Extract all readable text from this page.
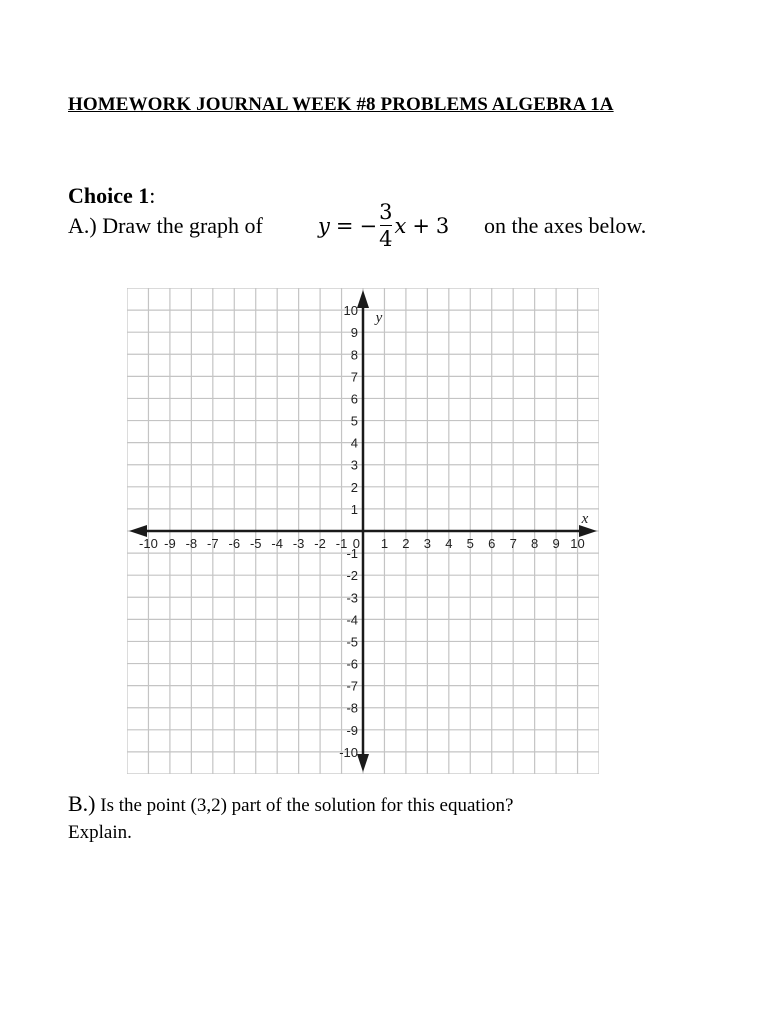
HOMEWORK JOURNAL WEEK #8 PROBLEMS ALGEBRA 1A
Choice 1:
A.) Draw the graph of	y = − $\frac{3}{4}$ x + 3 on the axes below.
-10 -9 -8 -7 -6 -5 -4 -3 -2 -1	1 2 3 4 5 6 7 8 9 10
0
10
9
8
7
6
5
4
3
2
1
-1
-2
-3
-4
-5
-6
-7
-8
-9
-10
x
y
B.) Is the point (3,2) part of the solution for this equation?
Explain.
